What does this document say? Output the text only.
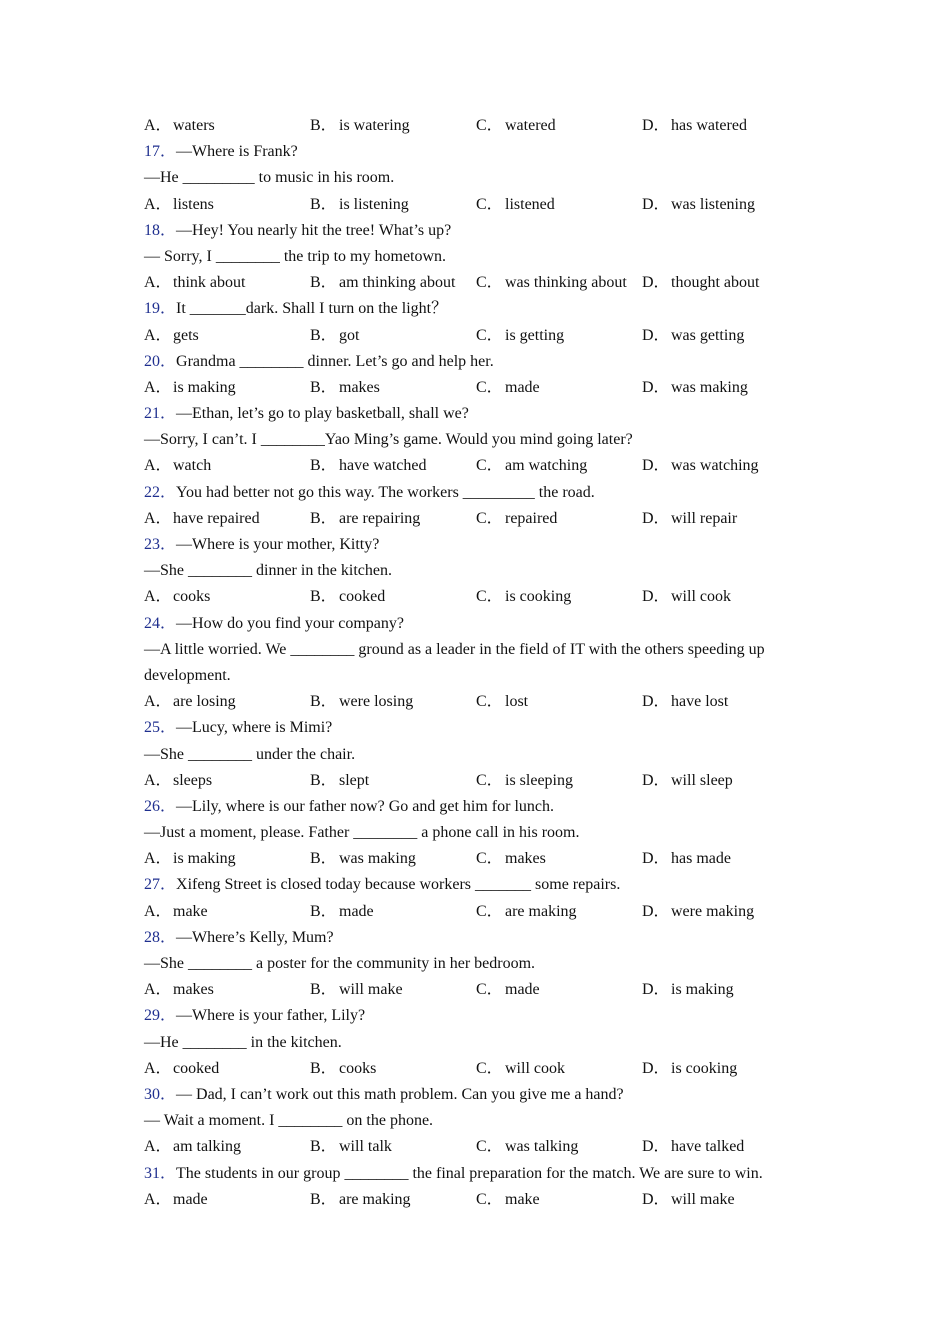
A．waters	B． is watering	C． watered	D．has watered
17．—Where is Frank?
—He _________ to music in his room.
A．listens	B． is listening	C． listened	D．was listening
18．—Hey! You nearly hit the tree! What’s up?
— Sorry, I ________ the trip to my hometown.
A．think about	B． am thinking about	C． was thinking about D．thought about
19．It _______dark. Shall I turn on the light？
A．gets	B． got	C． is getting	D．was getting
20．Grandma ________ dinner. Let’s go and help her.
A．is making	B． makes	C． made	D．was making
21．—Ethan, let’s go to play basketball, shall we?
—Sorry, I can’t. I ________Yao Ming’s game. Would you mind going later?
A．watch	B． have watched	C． am watching	D．was watching
22．You had better not go this way. The workers _________ the road.
A．have repaired	B． are repairing	C． repaired	D．will repair
23．—Where is your mother, Kitty?
—She ________ dinner in the kitchen.
A．cooks	B． cooked	C． is cooking	D．will cook
24．—How do you find your company?
—A little worried. We ________ ground as a leader in the field of IT with the others speeding up development.
A．are losing	B． were losing	C． lost	D．have lost
25．—Lucy, where is Mimi?
—She ________ under the chair.
A．sleeps	B． slept	C． is sleeping	D．will sleep
26．—Lily, where is our father now? Go and get him for lunch.
—Just a moment, please. Father ________ a phone call in his room.
A．is making	B． was making	C． makes	D．has made
27．Xifeng Street is closed today because workers _______ some repairs.
A．make	B． made	C． are making	D．were making
28．—Where’s Kelly, Mum?
—She ________ a poster for the community in her bedroom.
A．makes	B． will make	C． made	D．is making
29．—Where is your father, Lily?
—He ________ in the kitchen.
A．cooked	B． cooks	C． will cook	D．is cooking
30．— Dad, I can’t work out this math problem. Can you give me a hand?
— Wait a moment. I ________ on the phone.
A．am talking	B． will talk	C． was talking	D．have talked
31．The students in our group ________ the final preparation for the match. We are sure to win.
A．made	B． are making	C． make	D．will make
